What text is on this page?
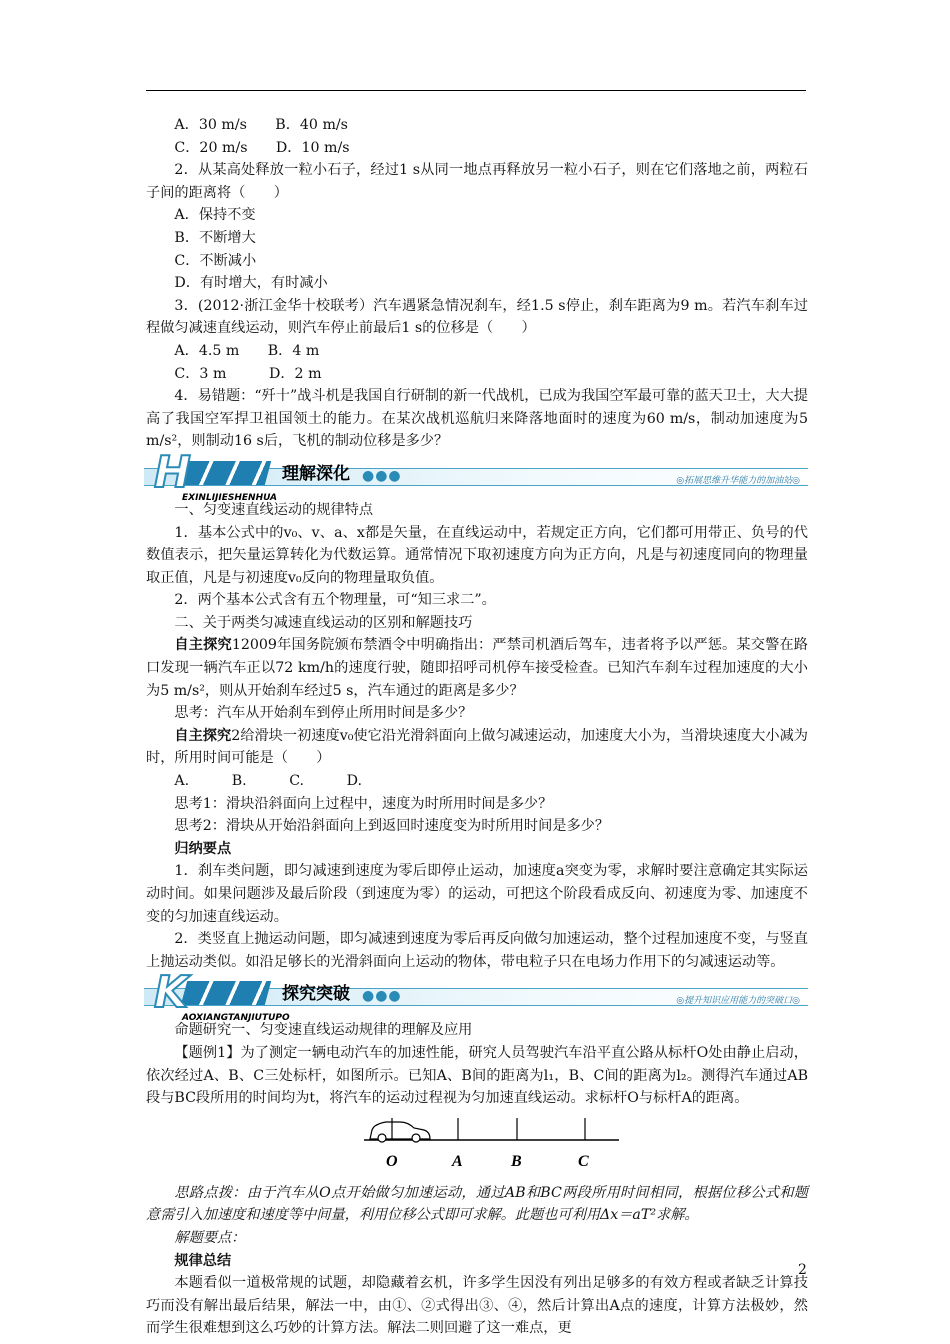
A．30 m/s　　B．40 m/s

C．20 m/s　　D．10 m/s

2．从某高处释放一粒小石子，经过1 s从同一地点再释放另一粒小石子，则在它们落地之前，两粒石子间的距离将（　　）

A．保持不变

B．不断增大

C．不断减小

D．有时增大，有时减小

3．(2012·浙江金华十校联考）汽车遇紧急情况刹车，经1.5 s停止，刹车距离为9 m。若汽车刹车过程做匀减速直线运动，则汽车停止前最后1 s的位移是（　　）

A．4.5 m　　B．4 m

C．3 m　　　D．2 m

4．易错题：“歼十”战斗机是我国自行研制的新一代战机，已成为我国空军最可靠的蓝天卫士，大大提高了我国空军捍卫祖国领土的能力。在某次战机巡航归来降落地面时的速度为60 m/s，制动加速度为5 m/s²，则制动16 s后，飞机的制动位移是多少？

H	理解深化 ●●●
EXINLIJIESHENHUA
◎拓展思维升华能力的加油站◎

一、匀变速直线运动的规律特点

1．基本公式中的v₀、v、a、x都是矢量，在直线运动中，若规定正方向，它们都可用带正、负号的代数值表示，把矢量运算转化为代数运算。通常情况下取初速度方向为正方向，凡是与初速度同向的物理量取正值，凡是与初速度v₀反向的物理量取负值。

2．两个基本公式含有五个物理量，可“知三求二”。

二、关于两类匀减速直线运动的区别和解题技巧

自主探究12009年国务院颁布禁酒令中明确指出：严禁司机酒后驾车，违者将予以严惩。某交警在路口发现一辆汽车正以72 km/h的速度行驶，随即招呼司机停车接受检查。已知汽车刹车过程加速度的大小为5 m/s²，则从开始刹车经过5 s，汽车通过的距离是多少？

思考：汽车从开始刹车到停止所用时间是多少？

自主探究2给滑块一初速度v₀使它沿光滑斜面向上做匀减速运动，加速度大小为，当滑块速度大小减为时，所用时间可能是（　　）

A.　　　B.　　　C.　　　D.

思考1：滑块沿斜面向上过程中，速度为时所用时间是多少？

思考2：滑块从开始沿斜面向上到返回时速度变为时所用时间是多少？

归纳要点

1．刹车类问题，即匀减速到速度为零后即停止运动，加速度a突变为零，求解时要注意确定其实际运动时间。如果问题涉及最后阶段（到速度为零）的运动，可把这个阶段看成反向、初速度为零、加速度不变的匀加速直线运动。

2．类竖直上抛运动问题，即匀减速到速度为零后再反向做匀加速运动，整个过程加速度不变，与竖直上抛运动类似。如沿足够长的光滑斜面向上运动的物体，带电粒子只在电场力作用下的匀减速运动等。

K	探究突破 ●●●
AOXIANGTANJIUTUPO
◎提升知识应用能力的突破口◎

命题研究一、匀变速直线运动规律的理解及应用

【题例1】为了测定一辆电动汽车的加速性能，研究人员驾驶汽车沿平直公路从标杆O处由静止启动，依次经过A、B、C三处标杆，如图所示。已知A、B间的距离为l₁，B、C间的距离为l₂。测得汽车通过AB段与BC段所用的时间均为t，将汽车的运动过程视为匀加速直线运动。求标杆O与标杆A的距离。

O	A	B	C

思路点拨：由于汽车从O点开始做匀加速运动，通过AB和BC两段所用时间相同，根据位移公式和题意需引入加速度和速度等中间量，利用位移公式即可求解。此题也可利用Δx＝aT²求解。

解题要点：

规律总结

本题看似一道极常规的试题，却隐藏着玄机，许多学生因没有列出足够多的有效方程或者缺乏计算技巧而没有解出最后结果，解法一中，由①、②式得出③、④，然后计算出A点的速度，计算方法极妙，然而学生很难想到这么巧妙的计算方法。解法二则回避了这一难点，更

2
